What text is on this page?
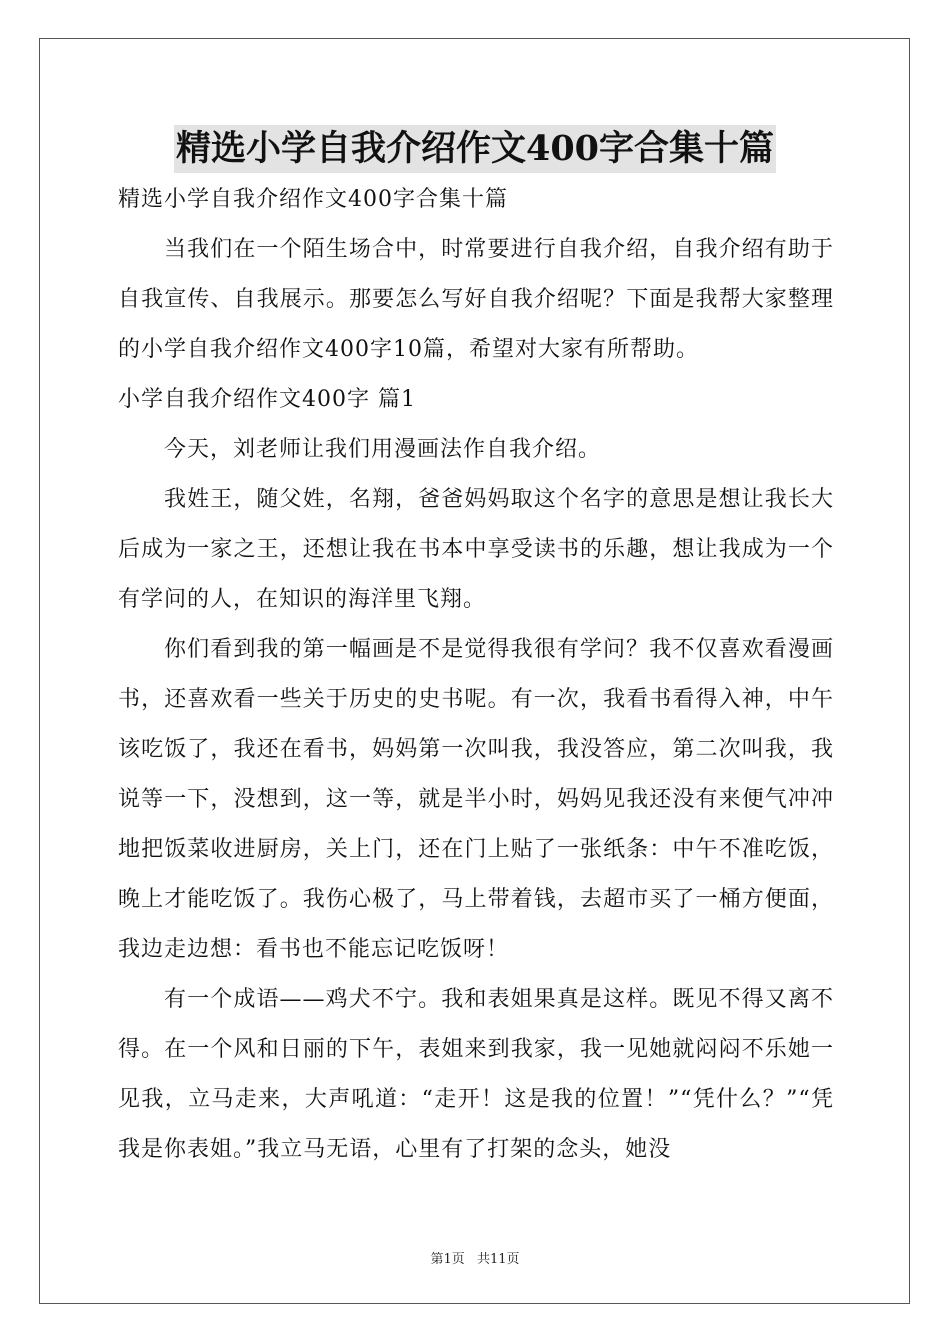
精选小学自我介绍作文400字合集十篇

精选小学自我介绍作文400字合集十篇

当我们在一个陌生场合中，时常要进行自我介绍，自我介绍有助于自我宣传、自我展示。那要怎么写好自我介绍呢？下面是我帮大家整理的小学自我介绍作文400字10篇，希望对大家有所帮助。

小学自我介绍作文400字 篇1

今天，刘老师让我们用漫画法作自我介绍。

我姓王，随父姓，名翔，爸爸妈妈取这个名字的意思是想让我长大后成为一家之王，还想让我在书本中享受读书的乐趣，想让我成为一个有学问的人，在知识的海洋里飞翔。

你们看到我的第一幅画是不是觉得我很有学问？我不仅喜欢看漫画书，还喜欢看一些关于历史的史书呢。有一次，我看书看得入神，中午该吃饭了，我还在看书，妈妈第一次叫我，我没答应，第二次叫我，我说等一下，没想到，这一等，就是半小时，妈妈见我还没有来便气冲冲地把饭菜收进厨房，关上门，还在门上贴了一张纸条：中午不准吃饭，晚上才能吃饭了。我伤心极了，马上带着钱，去超市买了一桶方便面，我边走边想：看书也不能忘记吃饭呀！

有一个成语——鸡犬不宁。我和表姐果真是这样。既见不得又离不得。在一个风和日丽的下午，表姐来到我家，我一见她就闷闷不乐她一见我，立马走来，大声吼道：“走开！这是我的位置！”“凭什么？”“凭我是你表姐。”我立马无语，心里有了打架的念头，她没

第1页 共11页
